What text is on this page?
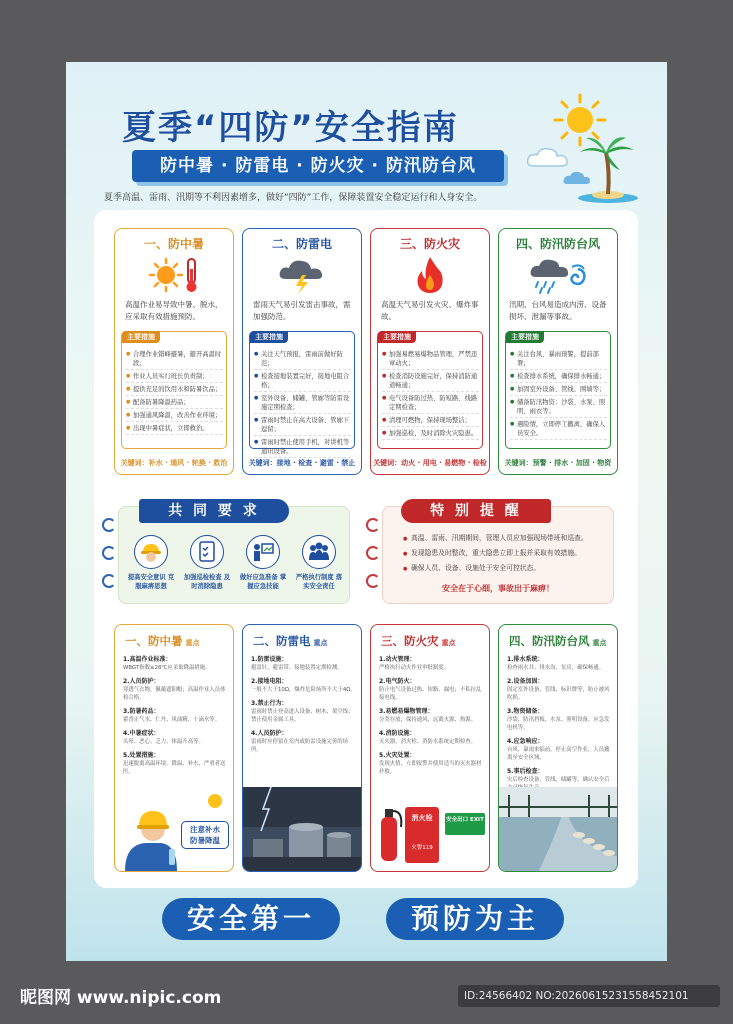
夏季“四防”安全指南
防中暑 · 防雷电 · 防火灾 · 防汛防台风
夏季高温、雷雨、汛期等不利因素增多，做好“四防”工作，保障装置安全稳定运行和人身安全。
一、防中暑
高温作业易导致中暑、脱水，应采取有效措施预防。
主要措施
● 合理作业错峰避暑，避开高温时段；
● 作业人员实行班长负责制；
● 提供充足的饮用水和防暑饮品；
● 配备防暑降温药品；
● 加强通风降温，改善作业环境；
● 出现中暑症状，立即救治。
关键词：补水 · 通风 · 轮换 · 救治
二、防雷电
雷雨天气易引发雷击事故，需加强防范。
主要措施
● 关注天气预报，雷雨前做好防范；
● 检查接地装置完好，接地电阻合格；
● 室外设备、储罐、管廊等防雷设施定期检查；
● 雷雨时禁止在高大设备、管廊下逗留；
● 雷雨时禁止使用手机，对讲机等通讯设备。
关键词：接地 · 检查 · 避雷 · 禁止
三、防火灾
高温天气易引发火灾、爆炸事故。
主要措施
● 加强易燃易爆物品管理，严禁违章动火；
● 检查消防设施完好，保持消防通道畅通；
● 电气设备防过热、防短路、线路定期检查；
● 清理可燃物，保持现场整洁；
● 加强巡检，及时消除火灾隐患。
关键词：动火 · 用电 · 易燃物 · 检检
四、防汛防台风
汛期、台风易造成内涝、设备损坏、泄漏等事故。
主要措施
● 关注台风、暴雨预警，提前部署；
● 检查排水系统，确保排水畅通；
● 加固室外设备、管线、围墙等；
● 储备防汛物资：沙袋、水泵、照明、雨衣等；
● 遇险情，立即停工撤离，确保人员安全。
关键词：预警 · 排水 · 加固 · 物资
共 同 要 求
提高安全意识 克服麻痹思想
加强巡检检查 及时消除隐患
做好应急准备 掌握应急技能
严格执行制度 落实安全责任
特 别 提 醒
● 高温、雷雨、汛期期间，管理人员应加强现场带班和巡查。
● 发现隐患及时整改，重大隐患立即上报并采取有效措施。
● 确保人员、设备、设施处于安全可控状态。
安全在于心细，事故出于麻痹！
一、防中暑 重点
1.高温作业标准：
WBGT指数≥28℃应采取降温措施。
2.人员防护：
穿透气衣物，佩戴遮阳帽；高温作业人员体检合格。
3.防暑药品：
藿香正气水、仁丹、风油精、十滴水等。
4.中暑症状：
头晕、恶心、乏力、体温升高等。
5.处置措施：
迅速脱离高温环境，降温、补水，严重者送医。
注意补水
防暑降温
二、防雷电 重点
1.防雷设施：
避雷针、避雷带、接地装置定期检测。
2.接地电阻：
一般不大于10Ω，爆炸危险场所不大于4Ω。
3.禁止行为：
雷雨时禁止登高进入设备、树木、架空线；禁止使用金属工具。
4.人员防护：
雷雨时应停留在室内或防雷设施完善的场所。
三、防火灾 重点
1.动火管理：
严格执行动火作业审批制度。
2.电气防火：
防止电气设备过热、短路、漏电；不私拉乱接电线。
3.易燃易爆物管理：
分类存放，保持通风，远离火源、热源。
4.消防设施：
灭火器、消火栓、消防水系统定期检查。
5.火灾处置：
发现火情，立即报警并使用适当的灭火器材扑救。
消火栓
火警119
安全出口 EXIT
四、防汛防台风 重点
1.排水系统：
检查雨水井、排水沟、泵房，确保畅通。
2.设备加固：
固定室外设备、管线、标识牌等，防止被风吹损。
3.物资储备：
沙袋、防汛挡板、水泵、照明设备、应急发电机等。
4.应急响应：
台风、暴雨来临前，停止高空作业，人员撤离至安全区域。
5.事后检查：
灾后检查设备、管线、储罐等，确认安全后
安全第一	预防为主
昵图网 www.nipic.com	ID:24566402 NO:20260615231558452101
